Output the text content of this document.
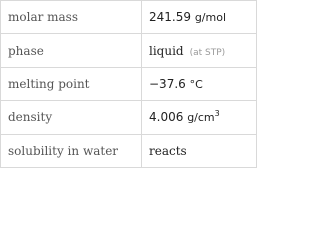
molar mass	241.59 g/mol
phase	liquid (at STP)
melting point	−37.6 °C
density	4.006 $g/cm^3$
solubility in water	reacts
